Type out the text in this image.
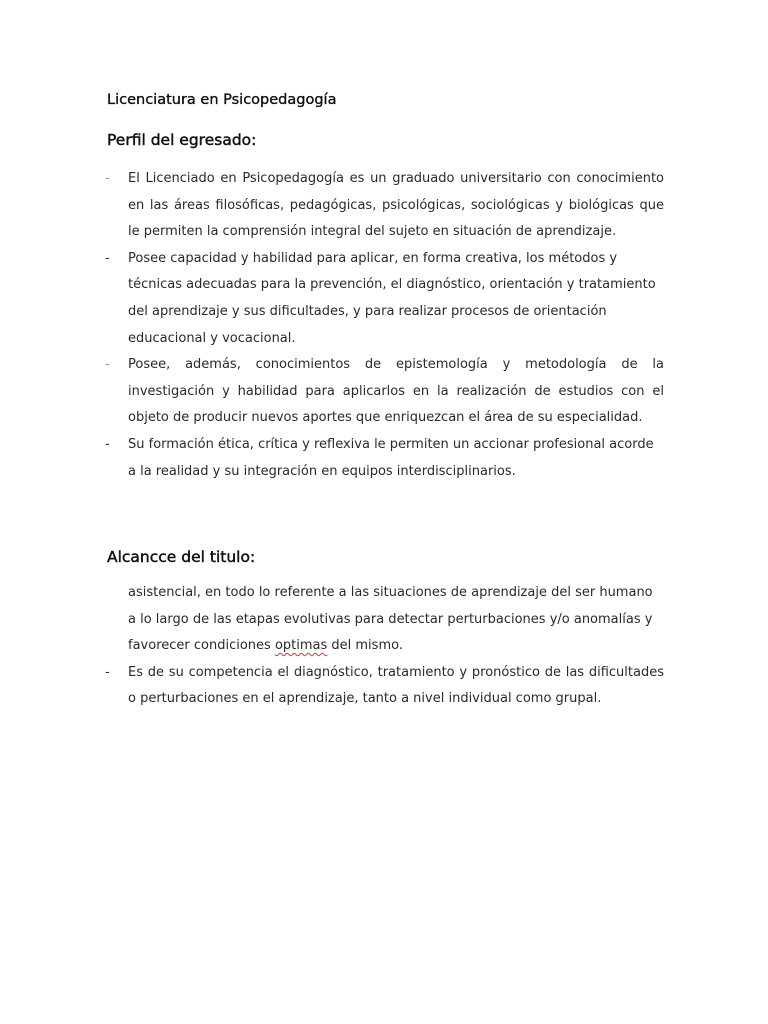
Licenciatura en Psicopedagogía
Perfil del egresado:
- El Licenciado en Psicopedagogía es un graduado universitario con conocimiento en las áreas filosóficas, pedagógicas, psicológicas, sociológicas y biológicas que le permiten la comprensión integral del sujeto en situación de aprendizaje.
- Posee capacidad y habilidad para aplicar, en forma creativa, los métodos y técnicas adecuadas para la prevención, el diagnóstico, orientación y tratamiento del aprendizaje y sus dificultades, y para realizar procesos de orientación educacional y vocacional.
- Posee, además, conocimientos de epistemología y metodología de la investigación y habilidad para aplicarlos en la realización de estudios con el objeto de producir nuevos aportes que enriquezcan el área de su especialidad.
- Su formación ética, crítica y reflexiva le permiten un accionar profesional acorde a la realidad y su integración en equipos interdisciplinarios.
Alcancce del titulo:
asistencial, en todo lo referente a las situaciones de aprendizaje del ser humano a lo largo de las etapas evolutivas para detectar perturbaciones y/o anomalías y favorecer condiciones optimas del mismo.
- Es de su competencia el diagnóstico, tratamiento y pronóstico de las dificultades o perturbaciones en el aprendizaje, tanto a nivel individual como grupal.
